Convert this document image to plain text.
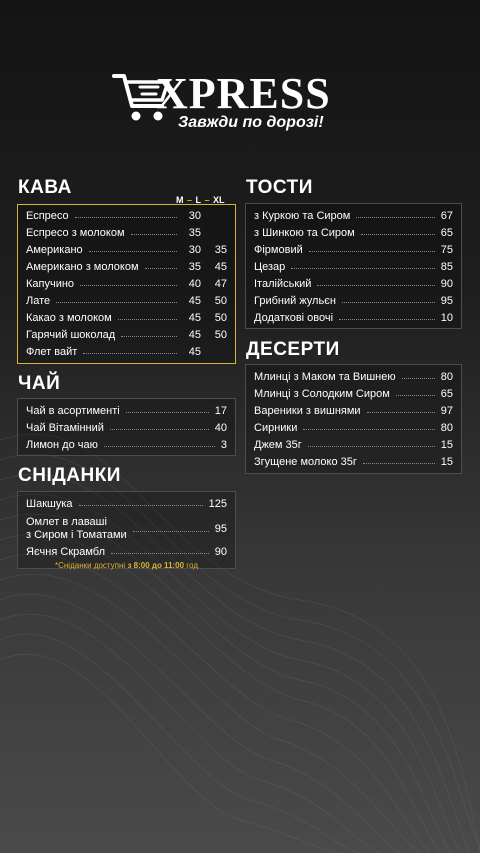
XPRESS
Завжди по дорозі!
КАВА
M – L – XL
Еспресо	30
Еспресо з молоком	35
Американо	30 35
Американо з молоком	35 45
Капучино	40 47
Лате	45 50
Какао з молоком	45 50
Гарячий шоколад	45 50
Флет вайт	45
ЧАЙ
Чай в асортименті	17
Чай Вітамінний	40
Лимон до чаю	3
СНІДАНКИ
Шакшука	125
Омлет в лаваші
з Сиром і Томатами	95
Яєчня Скрамбл	90
*Сніданки доступні з 8:00 до 11:00 год
ТОСТИ
з Куркою та Сиром	67
з Шинкою та Сиром	65
Фірмовий	75
Цезар	85
Італійський	90
Грибний жульєн	95
Додаткові овочі	10
ДЕСЕРТИ
Млинці з Маком та Вишнею	80
Млинці з Солодким Сиром	65
Вареники з вишнями	97
Сирники	80
Джем 35г	15
Згущене молоко 35г	15
